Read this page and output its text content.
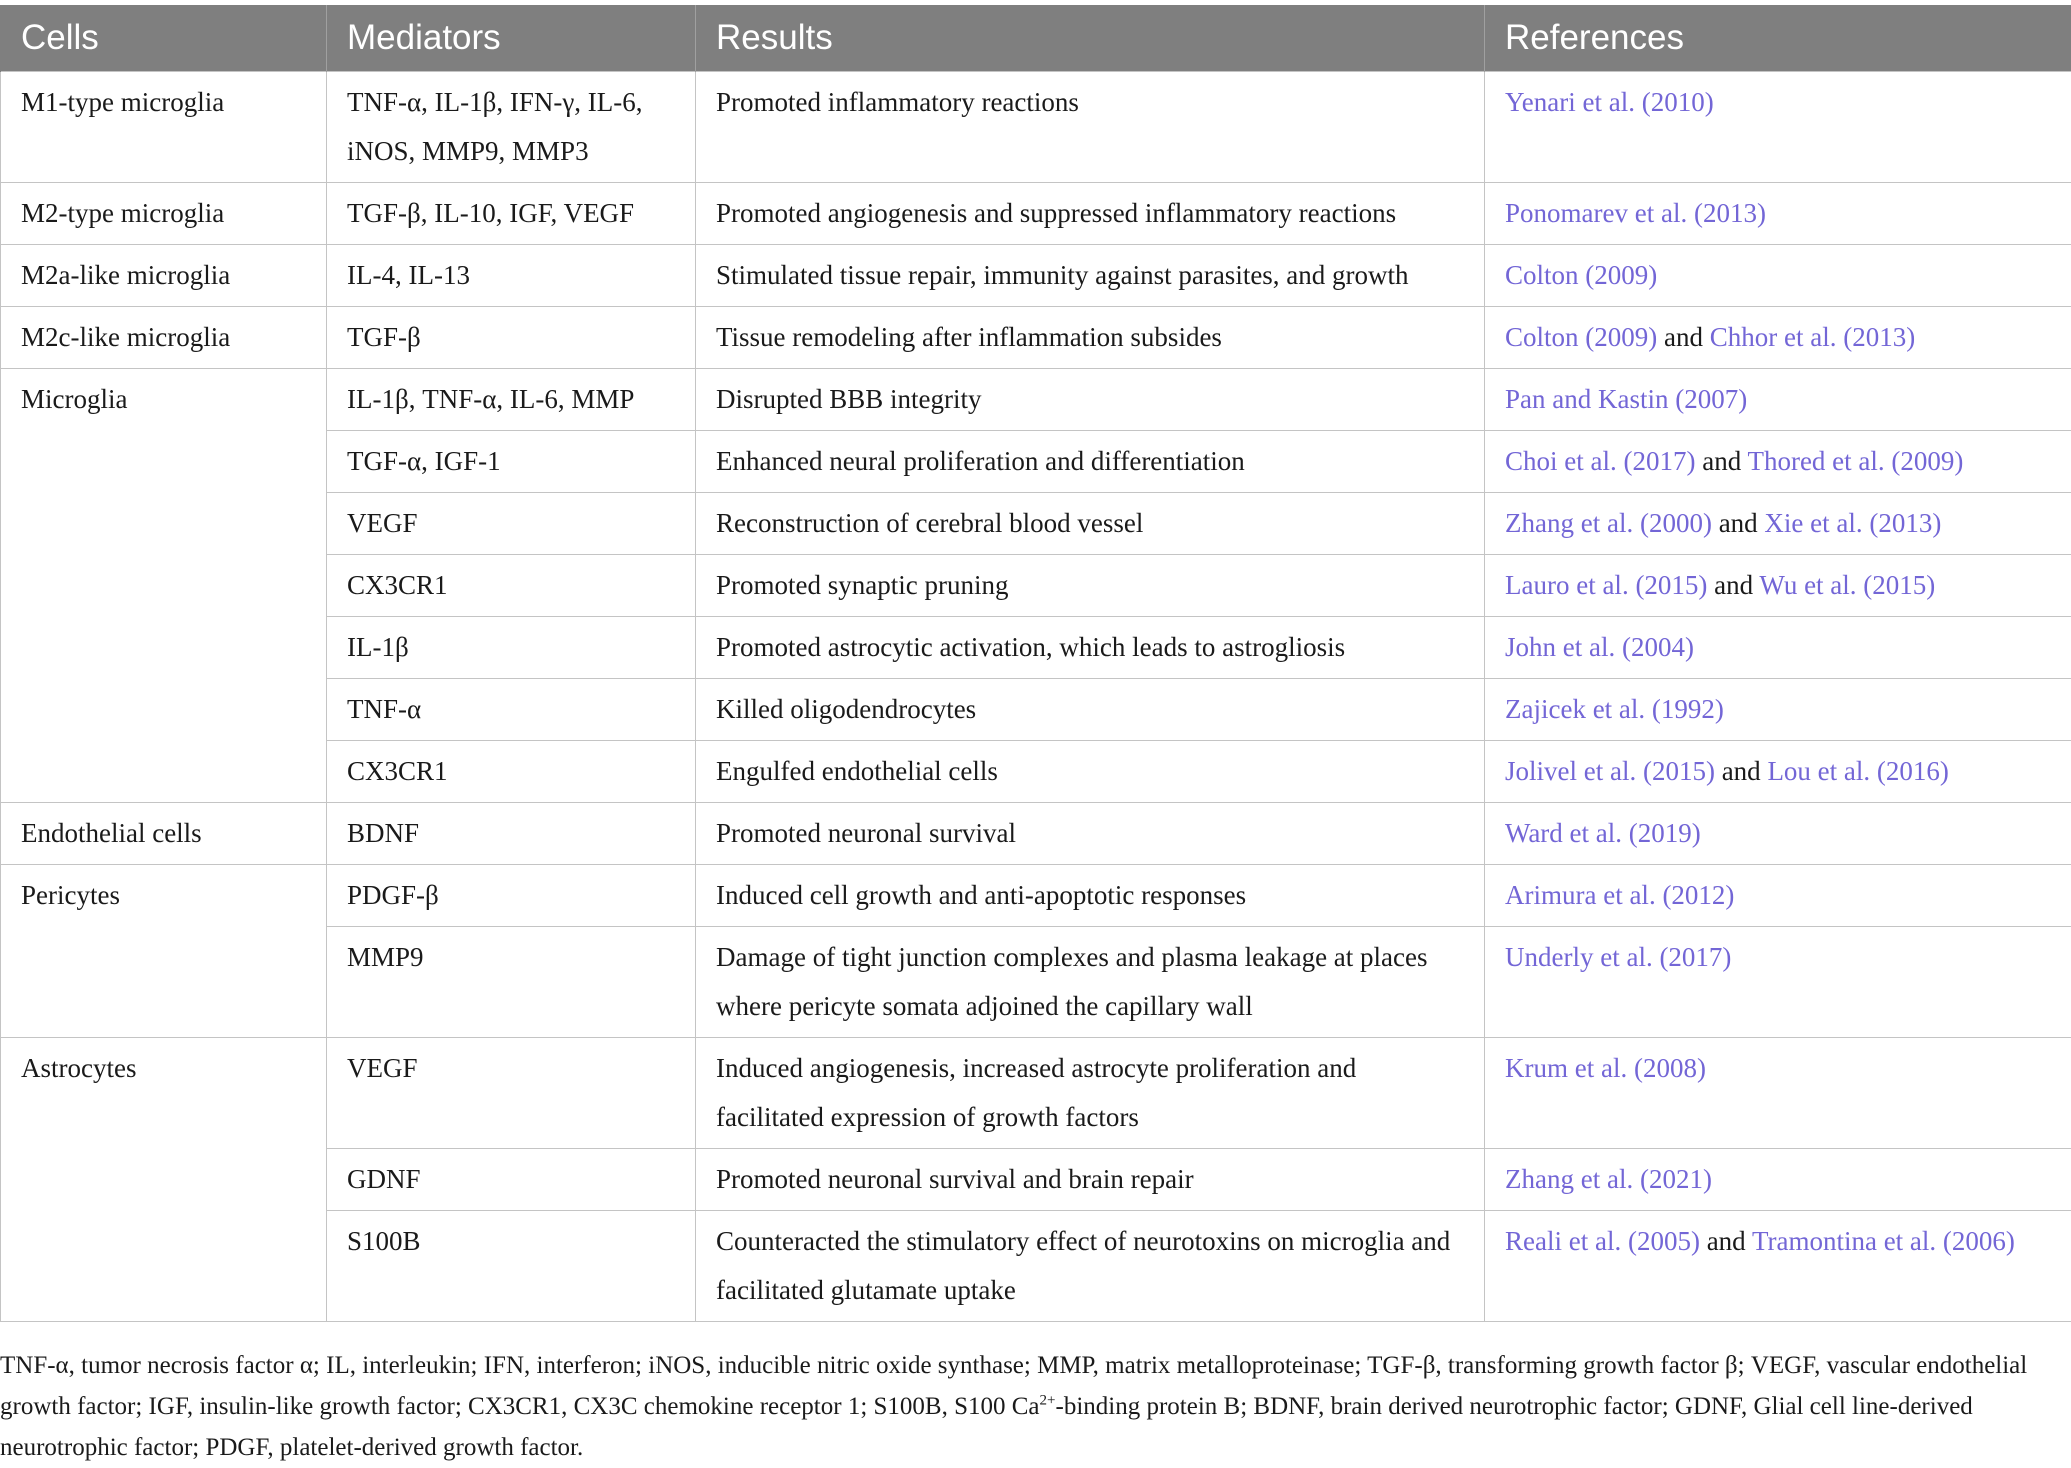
Cells	Mediators	Results	References
M1-type microglia	TNF-α, IL-1β, IFN-γ, IL-6, iNOS, MMP9, MMP3	Promoted inflammatory reactions	Yenari et al. (2010)
M2-type microglia	TGF-β, IL-10, IGF, VEGF	Promoted angiogenesis and suppressed inflammatory reactions	Ponomarev et al. (2013)
M2a-like microglia	IL-4, IL-13	Stimulated tissue repair, immunity against parasites, and growth	Colton (2009)
M2c-like microglia	TGF-β	Tissue remodeling after inflammation subsides	Colton (2009) and Chhor et al. (2013)
Microglia	IL-1β, TNF-α, IL-6, MMP	Disrupted BBB integrity	Pan and Kastin (2007)
	TGF-α, IGF-1	Enhanced neural proliferation and differentiation	Choi et al. (2017) and Thored et al. (2009)
	VEGF	Reconstruction of cerebral blood vessel	Zhang et al. (2000) and Xie et al. (2013)
	CX3CR1	Promoted synaptic pruning	Lauro et al. (2015) and Wu et al. (2015)
	IL-1β	Promoted astrocytic activation, which leads to astrogliosis	John et al. (2004)
	TNF-α	Killed oligodendrocytes	Zajicek et al. (1992)
	CX3CR1	Engulfed endothelial cells	Jolivel et al. (2015) and Lou et al. (2016)
Endothelial cells	BDNF	Promoted neuronal survival	Ward et al. (2019)
Pericytes	PDGF-β	Induced cell growth and anti-apoptotic responses	Arimura et al. (2012)
	MMP9	Damage of tight junction complexes and plasma leakage at places where pericyte somata adjoined the capillary wall	Underly et al. (2017)
Astrocytes	VEGF	Induced angiogenesis, increased astrocyte proliferation and facilitated expression of growth factors	Krum et al. (2008)
	GDNF	Promoted neuronal survival and brain repair	Zhang et al. (2021)
	S100B	Counteracted the stimulatory effect of neurotoxins on microglia and facilitated glutamate uptake	Reali et al. (2005) and Tramontina et al. (2006)
TNF-α, tumor necrosis factor α; IL, interleukin; IFN, interferon; iNOS, inducible nitric oxide synthase; MMP, matrix metalloproteinase; TGF-β, transforming growth factor β; VEGF, vascular endothelial growth factor; IGF, insulin-like growth factor; CX3CR1, CX3C chemokine receptor 1; S100B, S100 $Ca^{2+}$-binding protein B; BDNF, brain derived neurotrophic factor; GDNF, Glial cell line-derived neurotrophic factor; PDGF, platelet-derived growth factor.
